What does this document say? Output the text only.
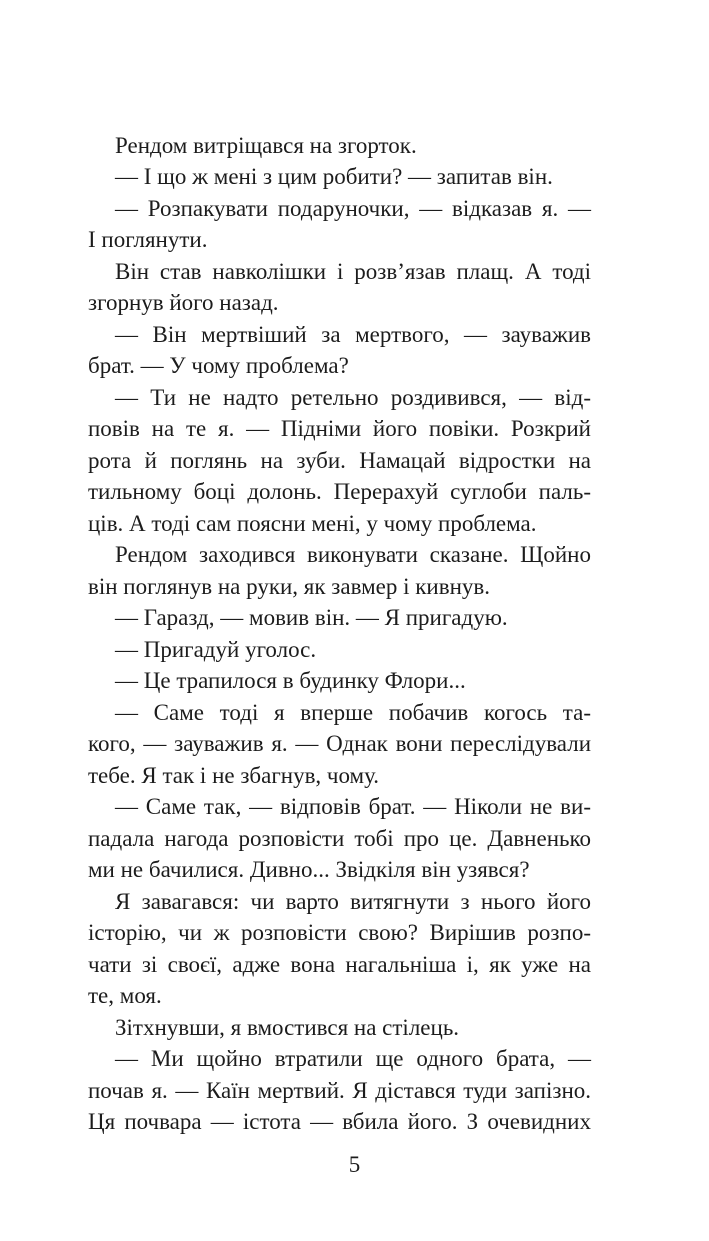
Рендом витріщався на згорток.
— І що ж мені з цим робити? — запитав він.
— Розпакувати подаруночки, — відказав я. —
І поглянути.
Він став навколішки і розв’язав плащ. А тоді
згорнув його назад.
— Він мертвіший за мертвого, — зауважив
брат. — У чому проблема?
— Ти не надто ретельно роздивився, — від-
повів на те я. — Підніми його повіки. Розкрий
рота й поглянь на зуби. Намацай відростки на
тильному боці долонь. Перерахуй суглоби паль-
ців. А тоді сам поясни мені, у чому проблема.
Рендом заходився виконувати сказане. Щойно
він поглянув на руки, як завмер і кивнув.
— Гаразд, — мовив він. — Я пригадую.
— Пригадуй уголос.
— Це трапилося в будинку Флори...
— Саме тоді я вперше побачив когось та-
кого, — зауважив я. — Однак вони переслідували
тебе. Я так і не збагнув, чому.
— Саме так, — відповів брат. — Ніколи не ви-
падала нагода розповісти тобі про це. Давненько
ми не бачилися. Дивно... Звідкіля він узявся?
Я завагався: чи варто витягнути з нього його
історію, чи ж розповісти свою? Вирішив розпо-
чати зі своєї, адже вона нагальніша і, як уже на
те, моя.
Зітхнувши, я вмостився на стілець.
— Ми щойно втратили ще одного брата, —
почав я. — Каїн мертвий. Я дістався туди запізно.
Ця почвара — істота — вбила його. З очевидних
5
